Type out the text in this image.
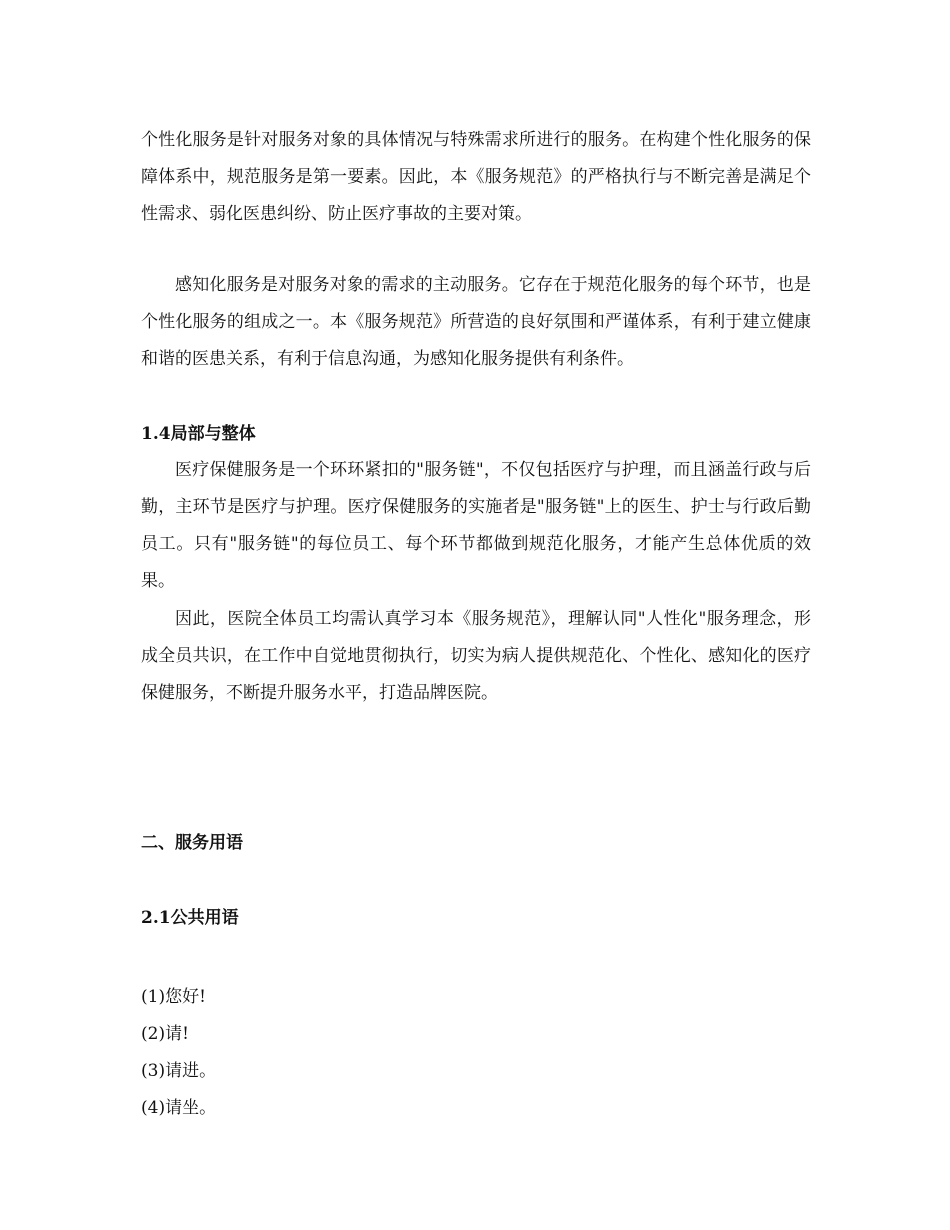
个性化服务是针对服务对象的具体情况与特殊需求所进行的服务。在构建个性化服务的保障体系中，规范服务是第一要素。因此，本《服务规范》的严格执行与不断完善是满足个性需求、弱化医患纠纷、防止医疗事故的主要对策。

感知化服务是对服务对象的需求的主动服务。它存在于规范化服务的每个环节，也是个性化服务的组成之一。本《服务规范》所营造的良好氛围和严谨体系，有利于建立健康和谐的医患关系，有利于信息沟通，为感知化服务提供有利条件。

1.4局部与整体

医疗保健服务是一个环环紧扣的"服务链"，不仅包括医疗与护理，而且涵盖行政与后勤，主环节是医疗与护理。医疗保健服务的实施者是"服务链"上的医生、护士与行政后勤员工。只有"服务链"的每位员工、每个环节都做到规范化服务，才能产生总体优质的效果。

因此，医院全体员工均需认真学习本《服务规范》，理解认同"人性化"服务理念，形成全员共识，在工作中自觉地贯彻执行，切实为病人提供规范化、个性化、感知化的医疗保健服务，不断提升服务水平，打造品牌医院。

二、服务用语
2.1公共用语
(1)您好!
(2)请!
(3)请进。
(4)请坐。
